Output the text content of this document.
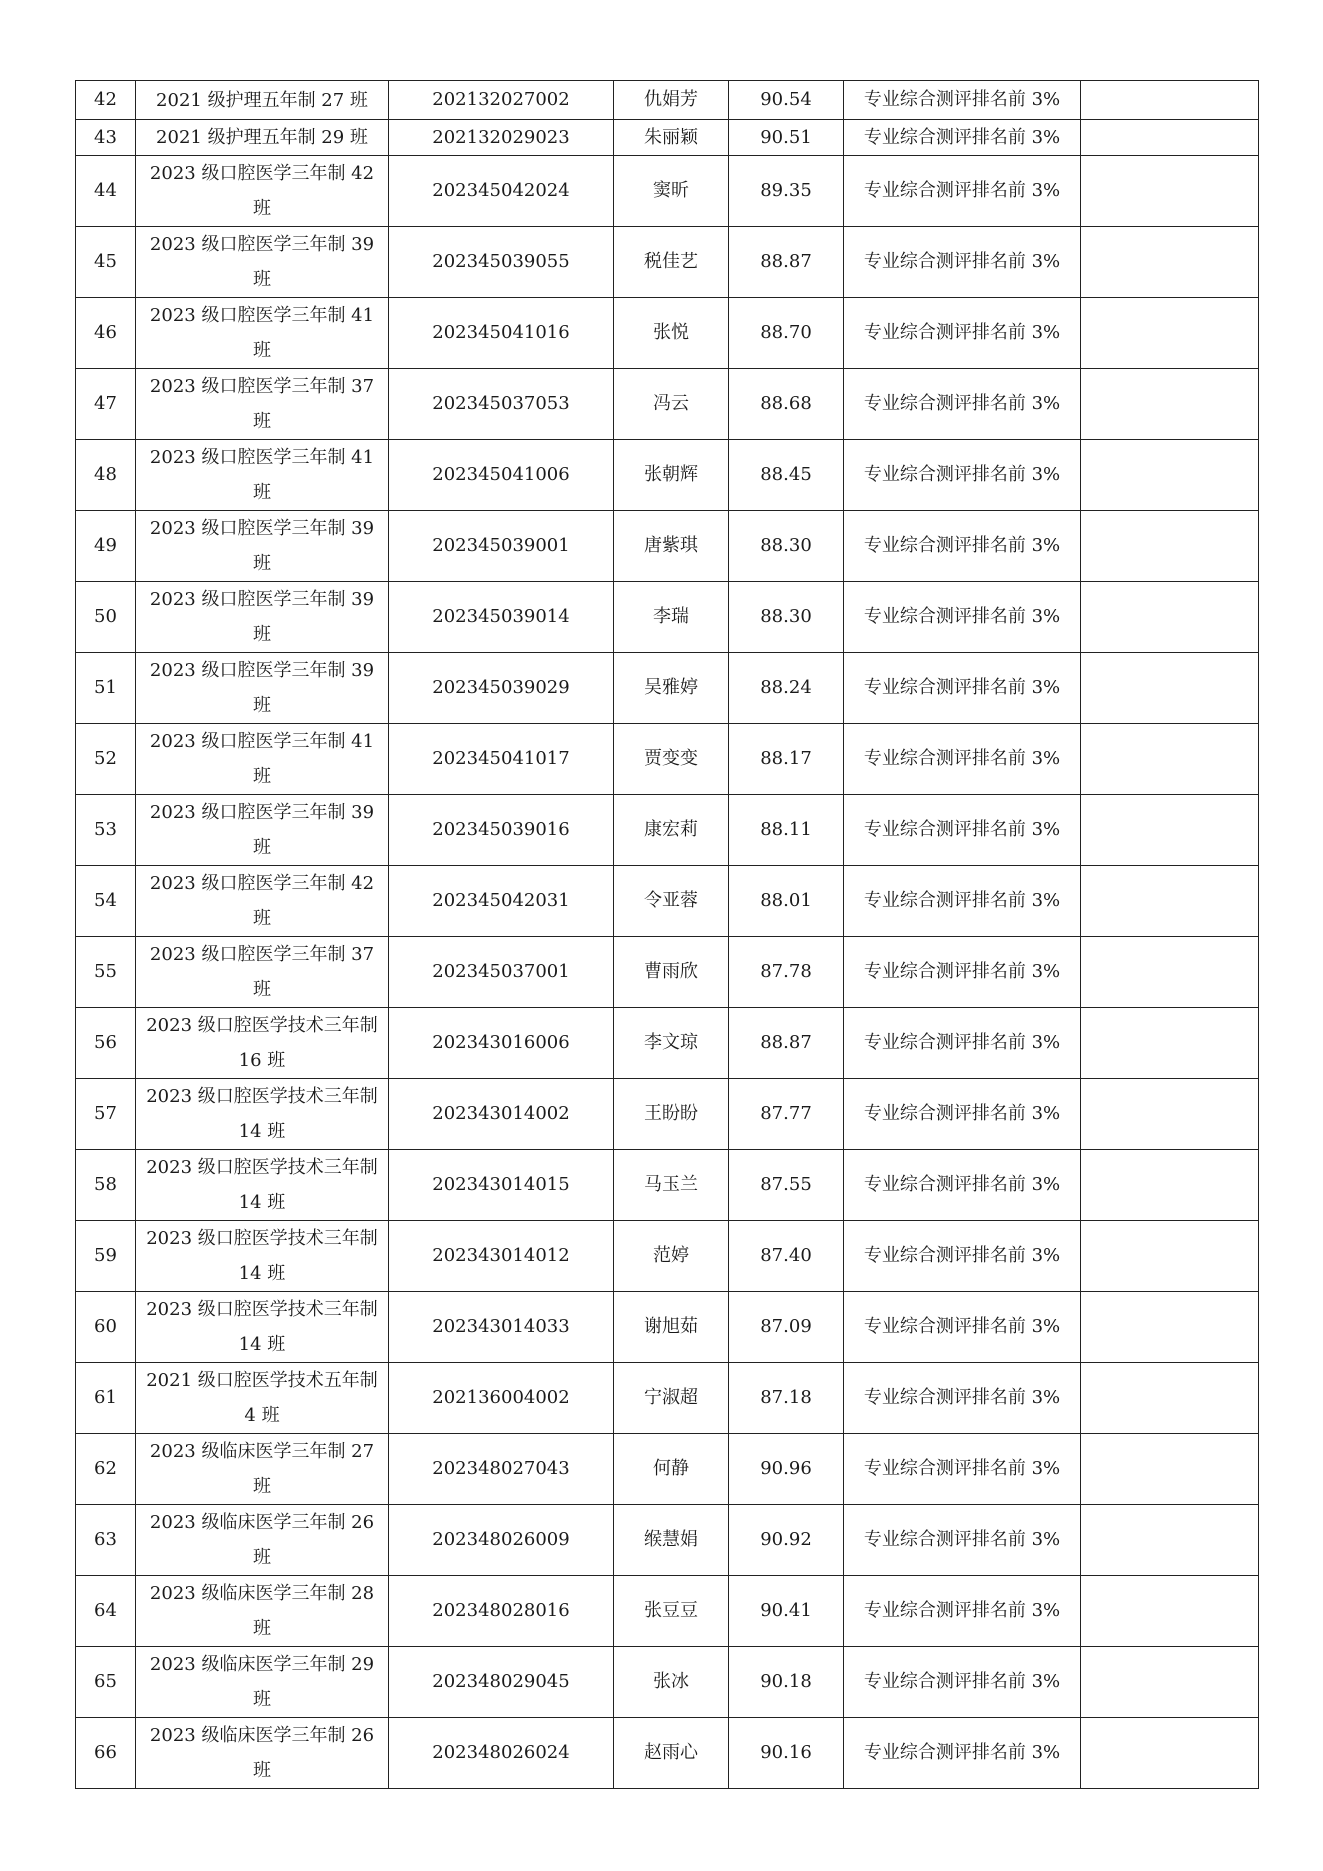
42	2021 级护理五年制 27 班	202132027002	仇娟芳	90.54	专业综合测评排名前 3%	
43	2021 级护理五年制 29 班	202132029023	朱丽颖	90.51	专业综合测评排名前 3%	
44	2023 级口腔医学三年制 42 班	202345042024	窦昕	89.35	专业综合测评排名前 3%	
45	2023 级口腔医学三年制 39 班	202345039055	税佳艺	88.87	专业综合测评排名前 3%	
46	2023 级口腔医学三年制 41 班	202345041016	张悦	88.70	专业综合测评排名前 3%	
47	2023 级口腔医学三年制 37 班	202345037053	冯云	88.68	专业综合测评排名前 3%	
48	2023 级口腔医学三年制 41 班	202345041006	张朝辉	88.45	专业综合测评排名前 3%	
49	2023 级口腔医学三年制 39 班	202345039001	唐紫琪	88.30	专业综合测评排名前 3%	
50	2023 级口腔医学三年制 39 班	202345039014	李瑞	88.30	专业综合测评排名前 3%	
51	2023 级口腔医学三年制 39 班	202345039029	吴雅婷	88.24	专业综合测评排名前 3%	
52	2023 级口腔医学三年制 41 班	202345041017	贾变变	88.17	专业综合测评排名前 3%	
53	2023 级口腔医学三年制 39 班	202345039016	康宏莉	88.11	专业综合测评排名前 3%	
54	2023 级口腔医学三年制 42 班	202345042031	令亚蓉	88.01	专业综合测评排名前 3%	
55	2023 级口腔医学三年制 37 班	202345037001	曹雨欣	87.78	专业综合测评排名前 3%	
56	2023 级口腔医学技术三年制 16 班	202343016006	李文琼	88.87	专业综合测评排名前 3%	
57	2023 级口腔医学技术三年制 14 班	202343014002	王盼盼	87.77	专业综合测评排名前 3%	
58	2023 级口腔医学技术三年制 14 班	202343014015	马玉兰	87.55	专业综合测评排名前 3%	
59	2023 级口腔医学技术三年制 14 班	202343014012	范婷	87.40	专业综合测评排名前 3%	
60	2023 级口腔医学技术三年制 14 班	202343014033	谢旭茹	87.09	专业综合测评排名前 3%	
61	2021 级口腔医学技术五年制 4 班	202136004002	宁淑超	87.18	专业综合测评排名前 3%	
62	2023 级临床医学三年制 27 班	202348027043	何静	90.96	专业综合测评排名前 3%	
63	2023 级临床医学三年制 26 班	202348026009	缑慧娟	90.92	专业综合测评排名前 3%	
64	2023 级临床医学三年制 28 班	202348028016	张豆豆	90.41	专业综合测评排名前 3%	
65	2023 级临床医学三年制 29 班	202348029045	张冰	90.18	专业综合测评排名前 3%	
66	2023 级临床医学三年制 26 班	202348026024	赵雨心	90.16	专业综合测评排名前 3%	
